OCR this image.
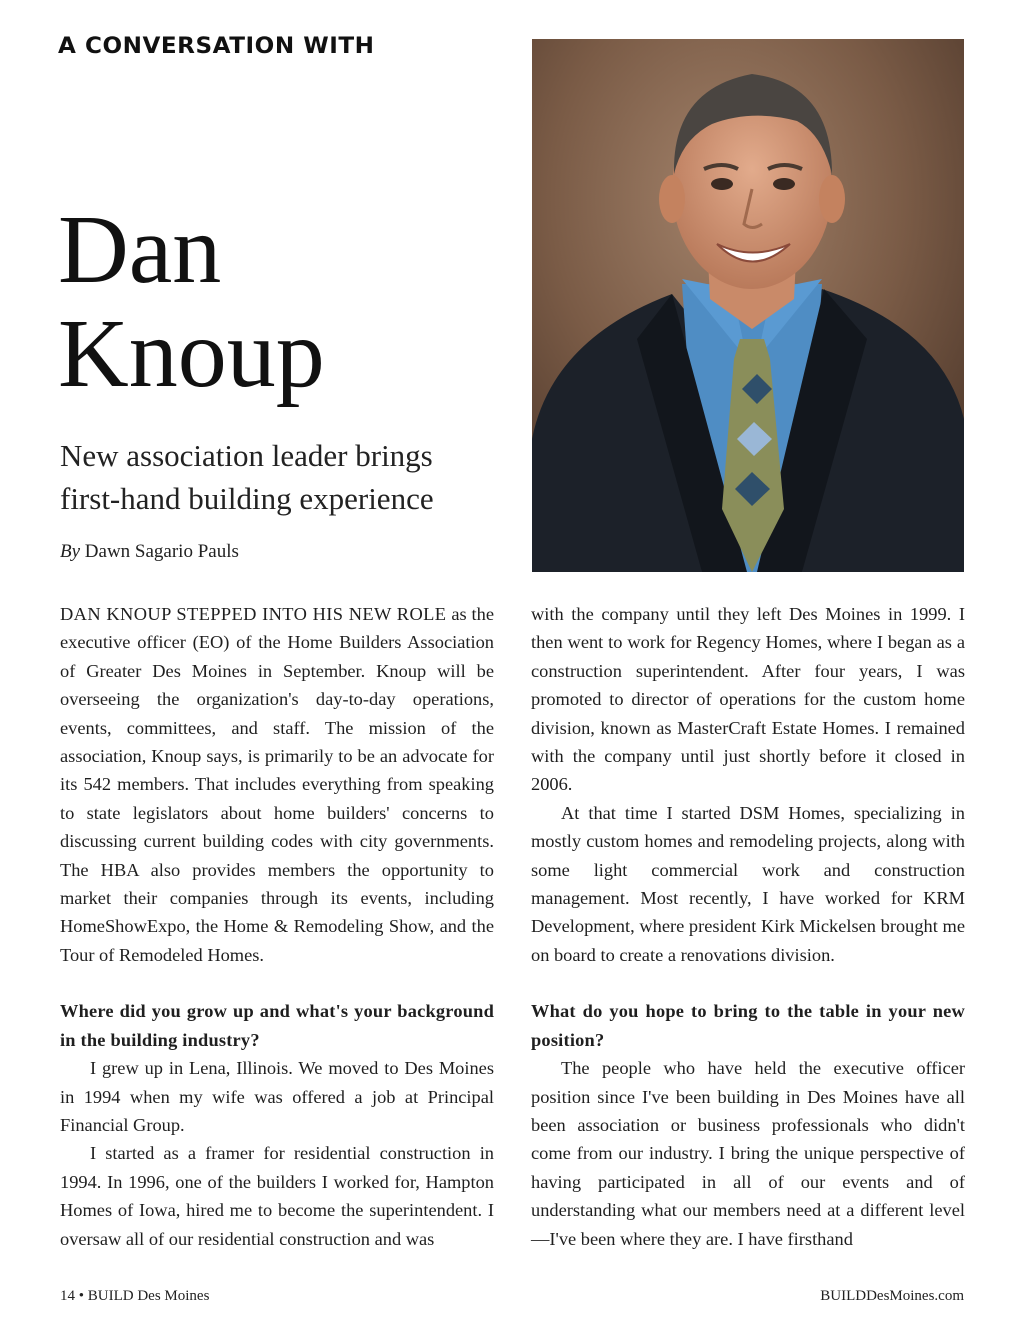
A CONVERSATION WITH
Dan
Knoup
New association leader brings first-hand building experience
By Dawn Sagario Pauls

DAN KNOUP STEPPED INTO HIS NEW ROLE as the executive officer (EO) of the Home Builders Association of Greater Des Moines in September. Knoup will be overseeing the organization's day-to-day operations, events, committees, and staff. The mission of the association, Knoup says, is primarily to be an advocate for its 542 members. That includes everything from speaking to state legislators about home builders' concerns to discussing current building codes with city governments. The HBA also provides members the opportunity to market their companies through its events, including HomeShowExpo, the Home & Remodeling Show, and the Tour of Remodeled Homes.

Where did you grow up and what's your background in the building industry?

I grew up in Lena, Illinois. We moved to Des Moines in 1994 when my wife was offered a job at Principal Financial Group.

I started as a framer for residential construction in 1994. In 1996, one of the builders I worked for, Hampton Homes of Iowa, hired me to become the superintendent. I oversaw all of our residential construction and was

with the company until they left Des Moines in 1999. I then went to work for Regency Homes, where I began as a construction superintendent. After four years, I was promoted to director of operations for the custom home division, known as MasterCraft Estate Homes. I remained with the company until just shortly before it closed in 2006.

At that time I started DSM Homes, specializing in mostly custom homes and remodeling projects, along with some light commercial work and construction management. Most recently, I have worked for KRM Development, where president Kirk Mickelsen brought me on board to create a renovations division.

What do you hope to bring to the table in your new position?

The people who have held the executive officer position since I've been building in Des Moines have all been association or business professionals who didn't come from our industry. I bring the unique perspective of having participated in all of our events and of understanding what our members need at a different level—I've been where they are. I have firsthand

14 • BUILD Des Moines	BUILDDesMoines.com
